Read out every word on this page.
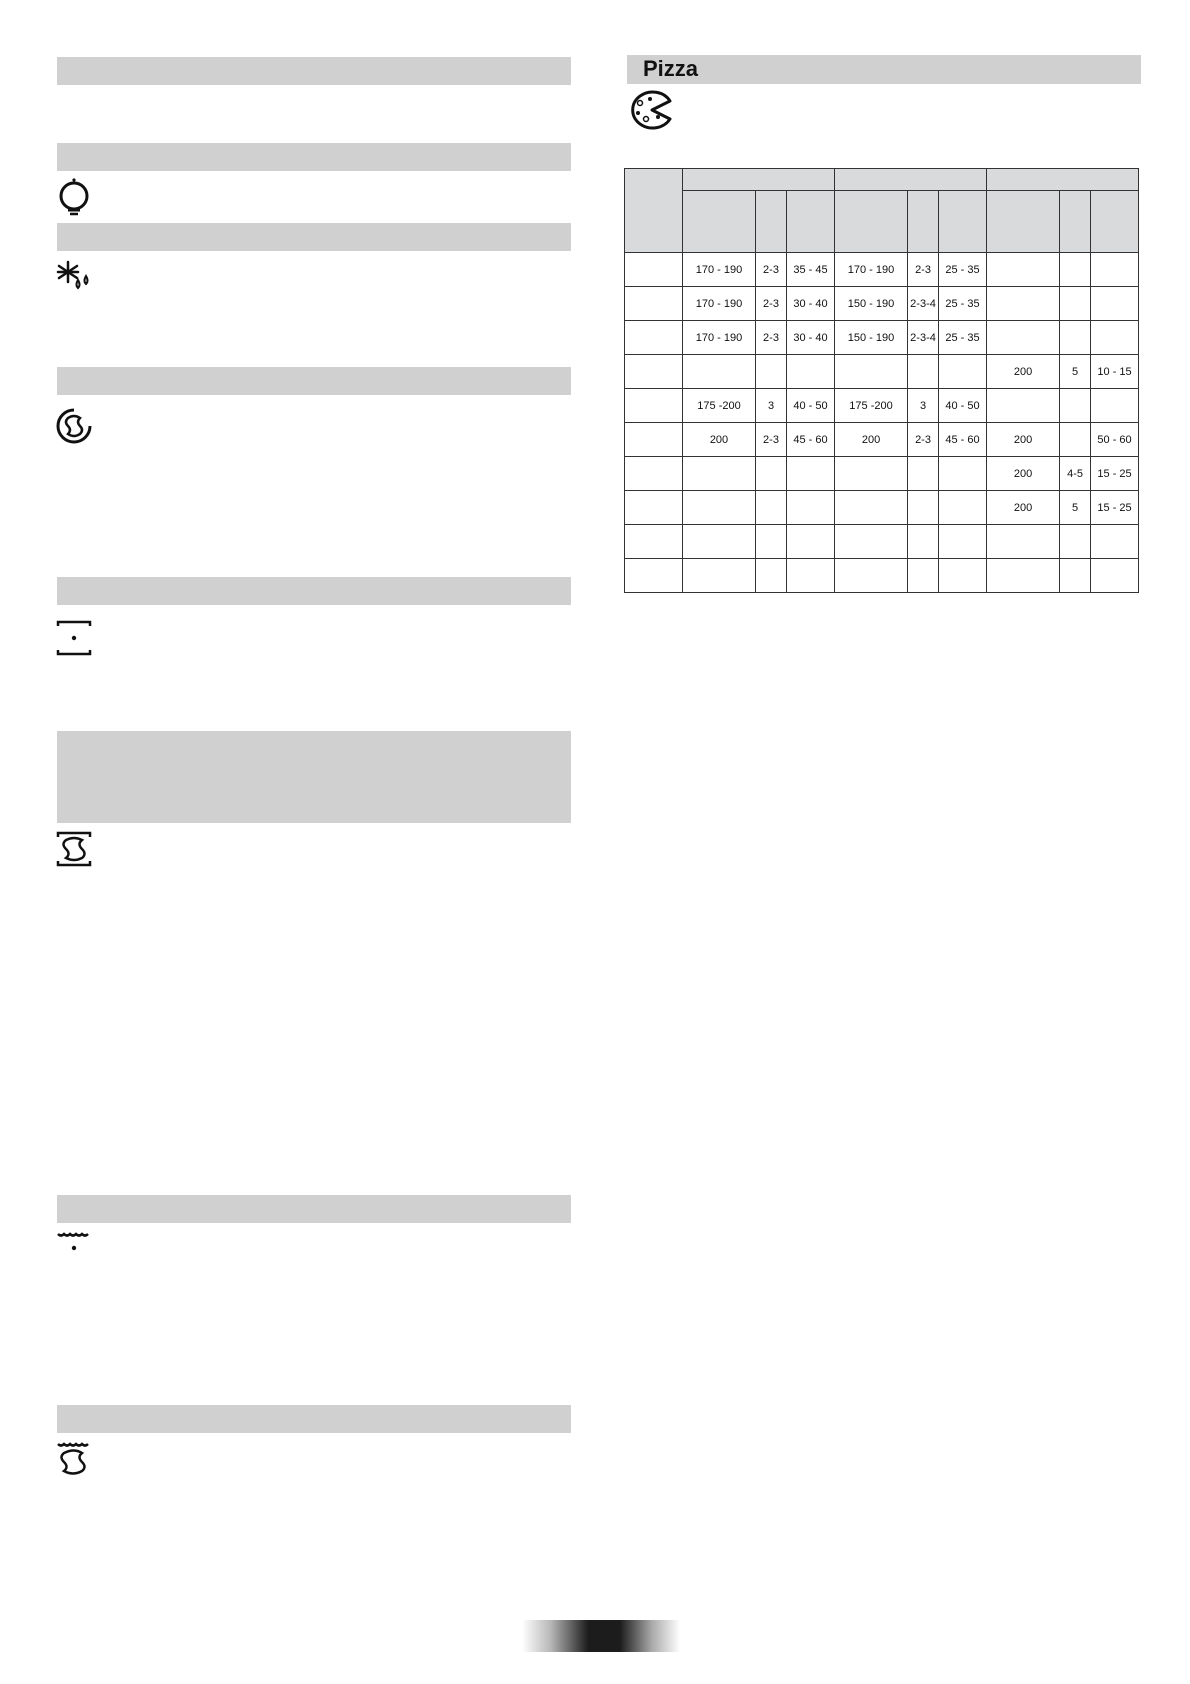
Pizza

	170 - 190	2-3	35 - 45	170 - 190	2-3	25 - 35			
	170 - 190	2-3	30 - 40	150 - 190	2-3-4	25 - 35			
	170 - 190	2-3	30 - 40	150 - 190	2-3-4	25 - 35			
							200	5	10 - 15
	175 -200	3	40 - 50	175 -200	3	40 - 50			
	200	2-3	45 - 60	200	2-3	45 - 60	200		50 - 60
							200	4-5	15 - 25
							200	5	15 - 25
